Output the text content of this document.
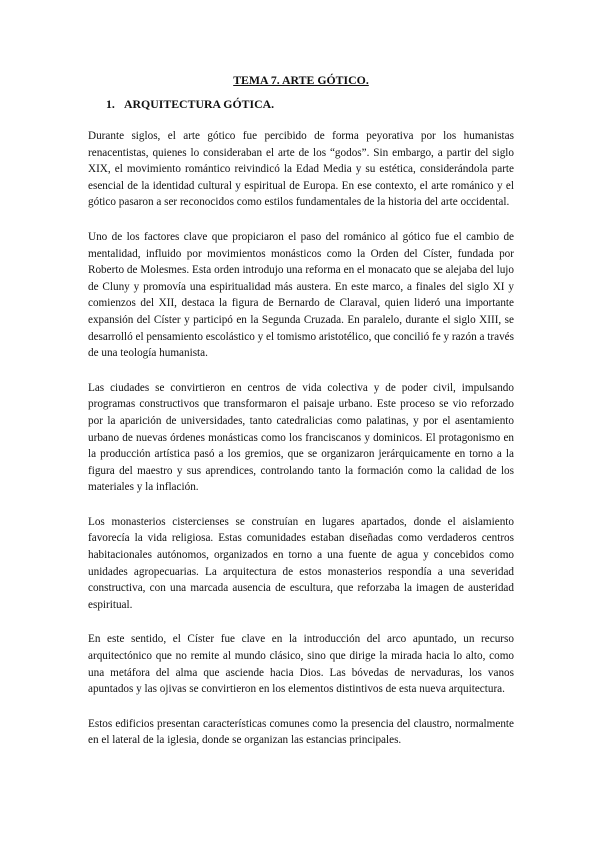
TEMA 7. ARTE GÓTICO.
1. ARQUITECTURA GÓTICA.

Durante siglos, el arte gótico fue percibido de forma peyorativa por los humanistas renacentistas, quienes lo consideraban el arte de los “godos”. Sin embargo, a partir del siglo XIX, el movimiento romántico reivindicó la Edad Media y su estética, considerándola parte esencial de la identidad cultural y espiritual de Europa. En ese contexto, el arte románico y el gótico pasaron a ser reconocidos como estilos fundamentales de la historia del arte occidental.

Uno de los factores clave que propiciaron el paso del románico al gótico fue el cambio de mentalidad, influido por movimientos monásticos como la Orden del Císter, fundada por Roberto de Molesmes. Esta orden introdujo una reforma en el monacato que se alejaba del lujo de Cluny y promovía una espiritualidad más austera. En este marco, a finales del siglo XI y comienzos del XII, destaca la figura de Bernardo de Claraval, quien lideró una importante expansión del Císter y participó en la Segunda Cruzada. En paralelo, durante el siglo XIII, se desarrolló el pensamiento escolástico y el tomismo aristotélico, que concilió fe y razón a través de una teología humanista.

Las ciudades se convirtieron en centros de vida colectiva y de poder civil, impulsando programas constructivos que transformaron el paisaje urbano. Este proceso se vio reforzado por la aparición de universidades, tanto catedralicias como palatinas, y por el asentamiento urbano de nuevas órdenes monásticas como los franciscanos y dominicos. El protagonismo en la producción artística pasó a los gremios, que se organizaron jerárquicamente en torno a la figura del maestro y sus aprendices, controlando tanto la formación como la calidad de los materiales y la inflación.

Los monasterios cistercienses se construían en lugares apartados, donde el aislamiento favorecía la vida religiosa. Estas comunidades estaban diseñadas como verdaderos centros habitacionales autónomos, organizados en torno a una fuente de agua y concebidos como unidades agropecuarias. La arquitectura de estos monasterios respondía a una severidad constructiva, con una marcada ausencia de escultura, que reforzaba la imagen de austeridad espiritual.

En este sentido, el Císter fue clave en la introducción del arco apuntado, un recurso arquitectónico que no remite al mundo clásico, sino que dirige la mirada hacia lo alto, como una metáfora del alma que asciende hacia Dios. Las bóvedas de nervaduras, los vanos apuntados y las ojivas se convirtieron en los elementos distintivos de esta nueva arquitectura.

Estos edificios presentan características comunes como la presencia del claustro, normalmente en el lateral de la iglesia, donde se organizan las estancias principales.
